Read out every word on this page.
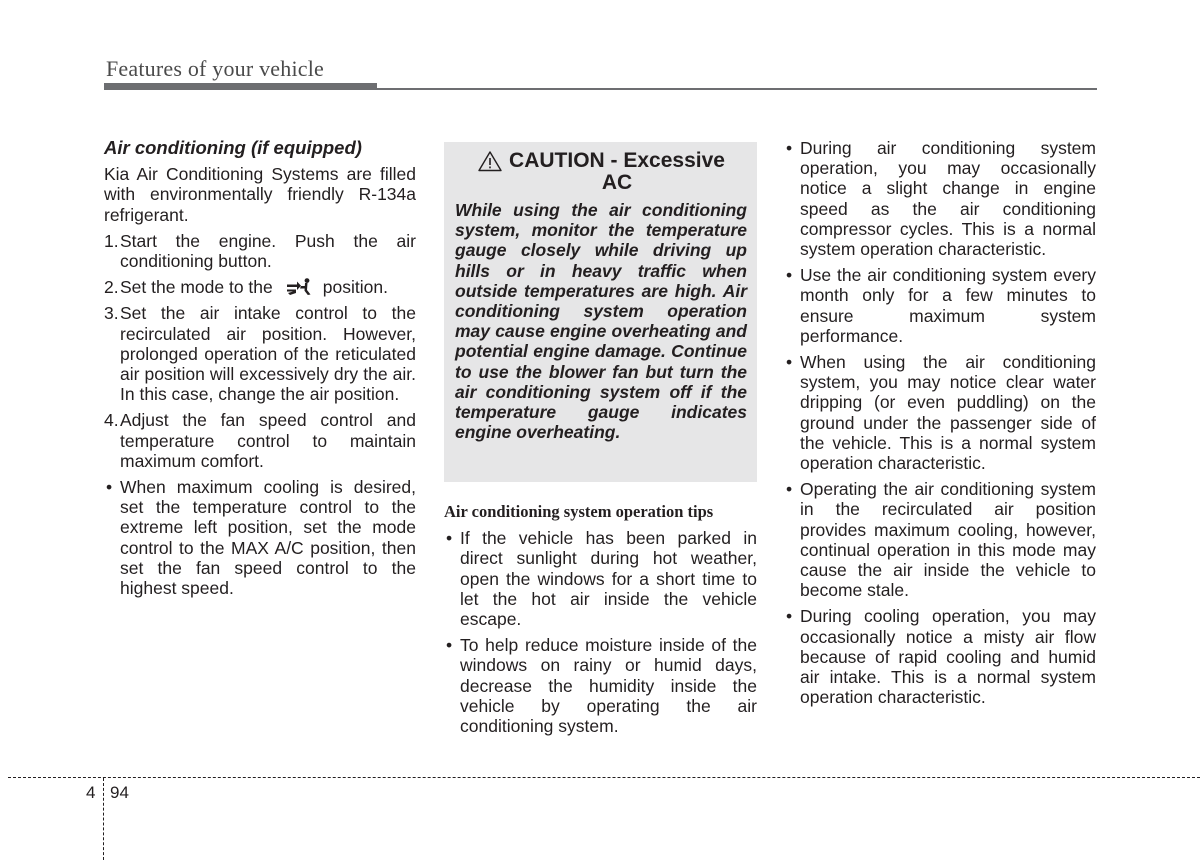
Features of your vehicle
Air conditioning (if equipped)

Kia Air Conditioning Systems are filled with environmentally friendly R-134a refrigerant.

1. Start the engine. Push the air conditioning button.
2. Set the mode to the	position.
3. Set the air intake control to the recirculated air position. However, prolonged operation of the reticulated air position will excessively dry the air. In this case, change the air position.
4. Adjust the fan speed control and temperature control to maintain maximum comfort.
• When maximum cooling is desired, set the temperature control to the extreme left position, set the mode control to the MAX A/C position, then set the fan speed control to the highest speed.
CAUTION - Excessive
AC

While using the air conditioning system, monitor the temperature gauge closely while driving up hills or in heavy traffic when outside temperatures are high. Air conditioning system operation may cause engine overheating and potential engine damage. Continue to use the blower fan but turn the air conditioning system off if the temperature gauge indicates engine overheating.

Air conditioning system operation tips
• If the vehicle has been parked in direct sunlight during hot weather, open the windows for a short time to let the hot air inside the vehicle escape.
• To help reduce moisture inside of the windows on rainy or humid days, decrease the humidity inside the vehicle by operating the air conditioning system.
• During air conditioning system operation, you may occasionally notice a slight change in engine speed as the air conditioning compressor cycles. This is a normal system operation characteristic.
• Use the air conditioning system every month only for a few minutes to ensure maximum system performance.
• When using the air conditioning system, you may notice clear water dripping (or even puddling) on the ground under the passenger side of the vehicle. This is a normal system operation characteristic.
• Operating the air conditioning system in the recirculated air position provides maximum cooling, however, continual operation in this mode may cause the air inside the vehicle to become stale.
• During cooling operation, you may occasionally notice a misty air flow because of rapid cooling and humid air intake. This is a normal system operation characteristic.
4 94
